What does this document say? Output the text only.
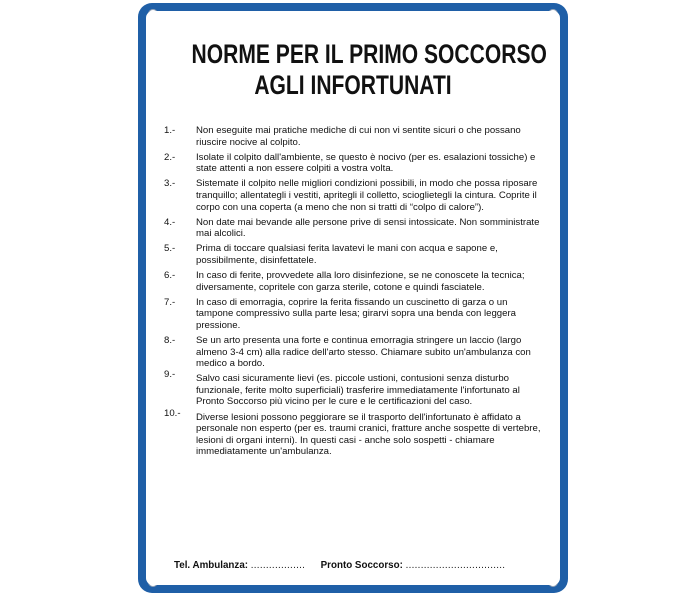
NORME PER IL PRIMO SOCCORSO
AGLI INFORTUNATI
1.-	Non eseguite mai pratiche mediche di cui non vi sentite sicuri o che possano riuscire nocive al colpito.
2.-	Isolate il colpito dall'ambiente, se questo è nocivo (per es. esalazioni tossiche) e state attenti a non essere colpiti a vostra volta.
3.-	Sistemate il colpito nelle migliori condizioni possibili, in modo che possa riposare tranquillo; allentategli i vestiti, apritegli il colletto, scioglietegli la cintura. Coprite il corpo con una coperta (a meno che non si tratti di “colpo di calore”).
4.-	Non date mai bevande alle persone prive di sensi intossicate. Non somministrate mai alcolici.
5.-	Prima di toccare qualsiasi ferita lavatevi le mani con acqua e sapone e, possibilmente, disinfettatele.
6.-	In caso di ferite, provvedete alla loro disinfezione, se ne conoscete la tecnica; diversamente, copritele con garza sterile, cotone e quindi fasciatele.
7.-	In caso di emorragia, coprire la ferita fissando un cuscinetto di garza o un tampone compressivo sulla parte lesa; girarvi sopra una benda con leggera pressione.
8.-	Se un arto presenta una forte e continua emorragia stringere un laccio (largo almeno 3-4 cm) alla radice dell'arto stesso. Chiamare subito un'ambulanza con medico a bordo.
9.-	Salvo casi sicuramente lievi (es. piccole ustioni, contusioni senza disturbo funzionale, ferite molto superficiali) trasferire immediatamente l'infortunato al Pronto Soccorso più vicino per le cure e le certificazioni del caso.
10.-	Diverse lesioni possono peggiorare se il trasporto dell'infortunato è affidato a personale non esperto (per es. traumi cranici, fratture anche sospette di vertebre, lesioni di organi interni). In questi casi - anche solo sospetti - chiamare immediatamente un'ambulanza.
Tel. Ambulanza: .................. Pronto Soccorso: .................................
